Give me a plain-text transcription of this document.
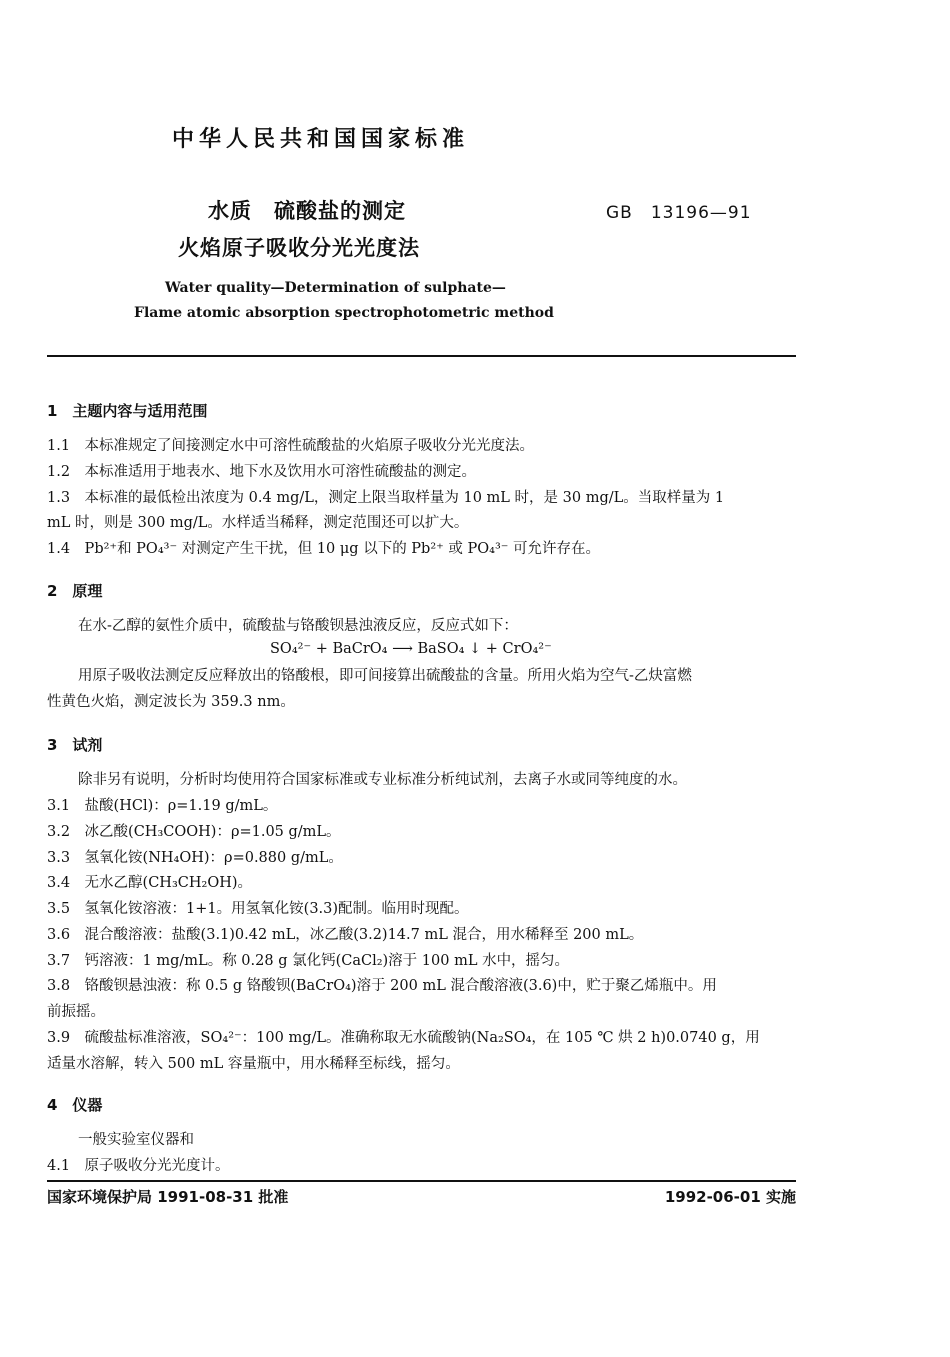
中华人民共和国国家标准
水质　硫酸盐的测定
火焰原子吸收分光光度法
GB　13196—91
Water quality—Determination of sulphate—
Flame atomic absorption spectrophotometric method
1　主题内容与适用范围
1.1　本标准规定了间接测定水中可溶性硫酸盐的火焰原子吸收分光光度法。
1.2　本标准适用于地表水、地下水及饮用水可溶性硫酸盐的测定。
1.3　本标准的最低检出浓度为 0.4 mg/L，测定上限当取样量为 10 mL 时，是 30 mg/L。当取样量为 1
mL 时，则是 300 mg/L。水样适当稀释，测定范围还可以扩大。
1.4　Pb²⁺和 PO₄³⁻ 对测定产生干扰，但 10 μg 以下的 Pb²⁺ 或 PO₄³⁻ 可允许存在。
2　原理
在水-乙醇的氨性介质中，硫酸盐与铬酸钡悬浊液反应，反应式如下：
SO₄²⁻ + BaCrO₄ ⟶ BaSO₄ ↓ + CrO₄²⁻
用原子吸收法测定反应释放出的铬酸根，即可间接算出硫酸盐的含量。所用火焰为空气-乙炔富燃
性黄色火焰，测定波长为 359.3 nm。
3　试剂
除非另有说明，分析时均使用符合国家标准或专业标准分析纯试剂，去离子水或同等纯度的水。
3.1　盐酸(HCl)：ρ=1.19 g/mL。
3.2　冰乙酸(CH₃COOH)：ρ=1.05 g/mL。
3.3　氢氧化铵(NH₄OH)：ρ=0.880 g/mL。
3.4　无水乙醇(CH₃CH₂OH)。
3.5　氢氧化铵溶液：1+1。用氢氧化铵(3.3)配制。临用时现配。
3.6　混合酸溶液：盐酸(3.1)0.42 mL，冰乙酸(3.2)14.7 mL 混合，用水稀释至 200 mL。
3.7　钙溶液：1 mg/mL。称 0.28 g 氯化钙(CaCl₂)溶于 100 mL 水中，摇匀。
3.8　铬酸钡悬浊液：称 0.5 g 铬酸钡(BaCrO₄)溶于 200 mL 混合酸溶液(3.6)中，贮于聚乙烯瓶中。用
前振摇。
3.9　硫酸盐标准溶液，SO₄²⁻：100 mg/L。准确称取无水硫酸钠(Na₂SO₄，在 105 ℃ 烘 2 h)0.0740 g，用
适量水溶解，转入 500 mL 容量瓶中，用水稀释至标线，摇匀。
4　仪器
一般实验室仪器和
4.1　原子吸收分光光度计。
国家环境保护局 1991-08-31 批准	1992-06-01 实施
